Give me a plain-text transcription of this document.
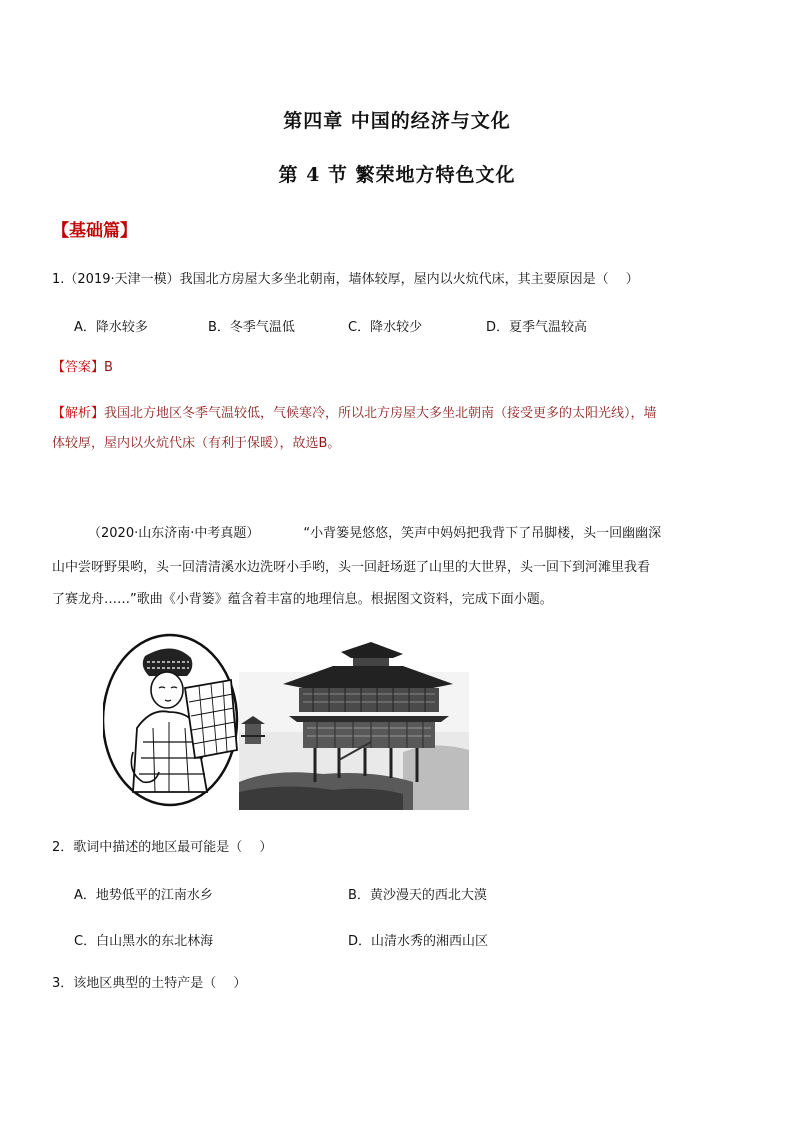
第四章 中国的经济与文化
第 4 节 繁荣地方特色文化
【基础篇】
1.（2019·天津一模）我国北方房屋大多坐北朝南，墙体较厚，屋内以火炕代床，其主要原因是（　 ）
A．降水较多	B．冬季气温低	C．降水较少	D．夏季气温较高
【答案】B
【解析】我国北方地区冬季气温较低，气候寒冷，所以北方房屋大多坐北朝南（接受更多的太阳光线），墙
体较厚，屋内以火炕代床（有利于保暖），故选B。
（2020·山东济南·中考真题）	“小背篓晃悠悠，笑声中妈妈把我背下了吊脚楼，头一回幽幽深
山中尝呀野果哟，头一回清清溪水边洗呀小手哟，头一回赶场逛了山里的大世界，头一回下到河滩里我看
了赛龙舟……”歌曲《小背篓》蕴含着丰富的地理信息。根据图文资料，完成下面小题。
2．歌词中描述的地区最可能是（　 ）
A．地势低平的江南水乡	B．黄沙漫天的西北大漠
C．白山黑水的东北林海	D．山清水秀的湘西山区
3．该地区典型的土特产是（　 ）
